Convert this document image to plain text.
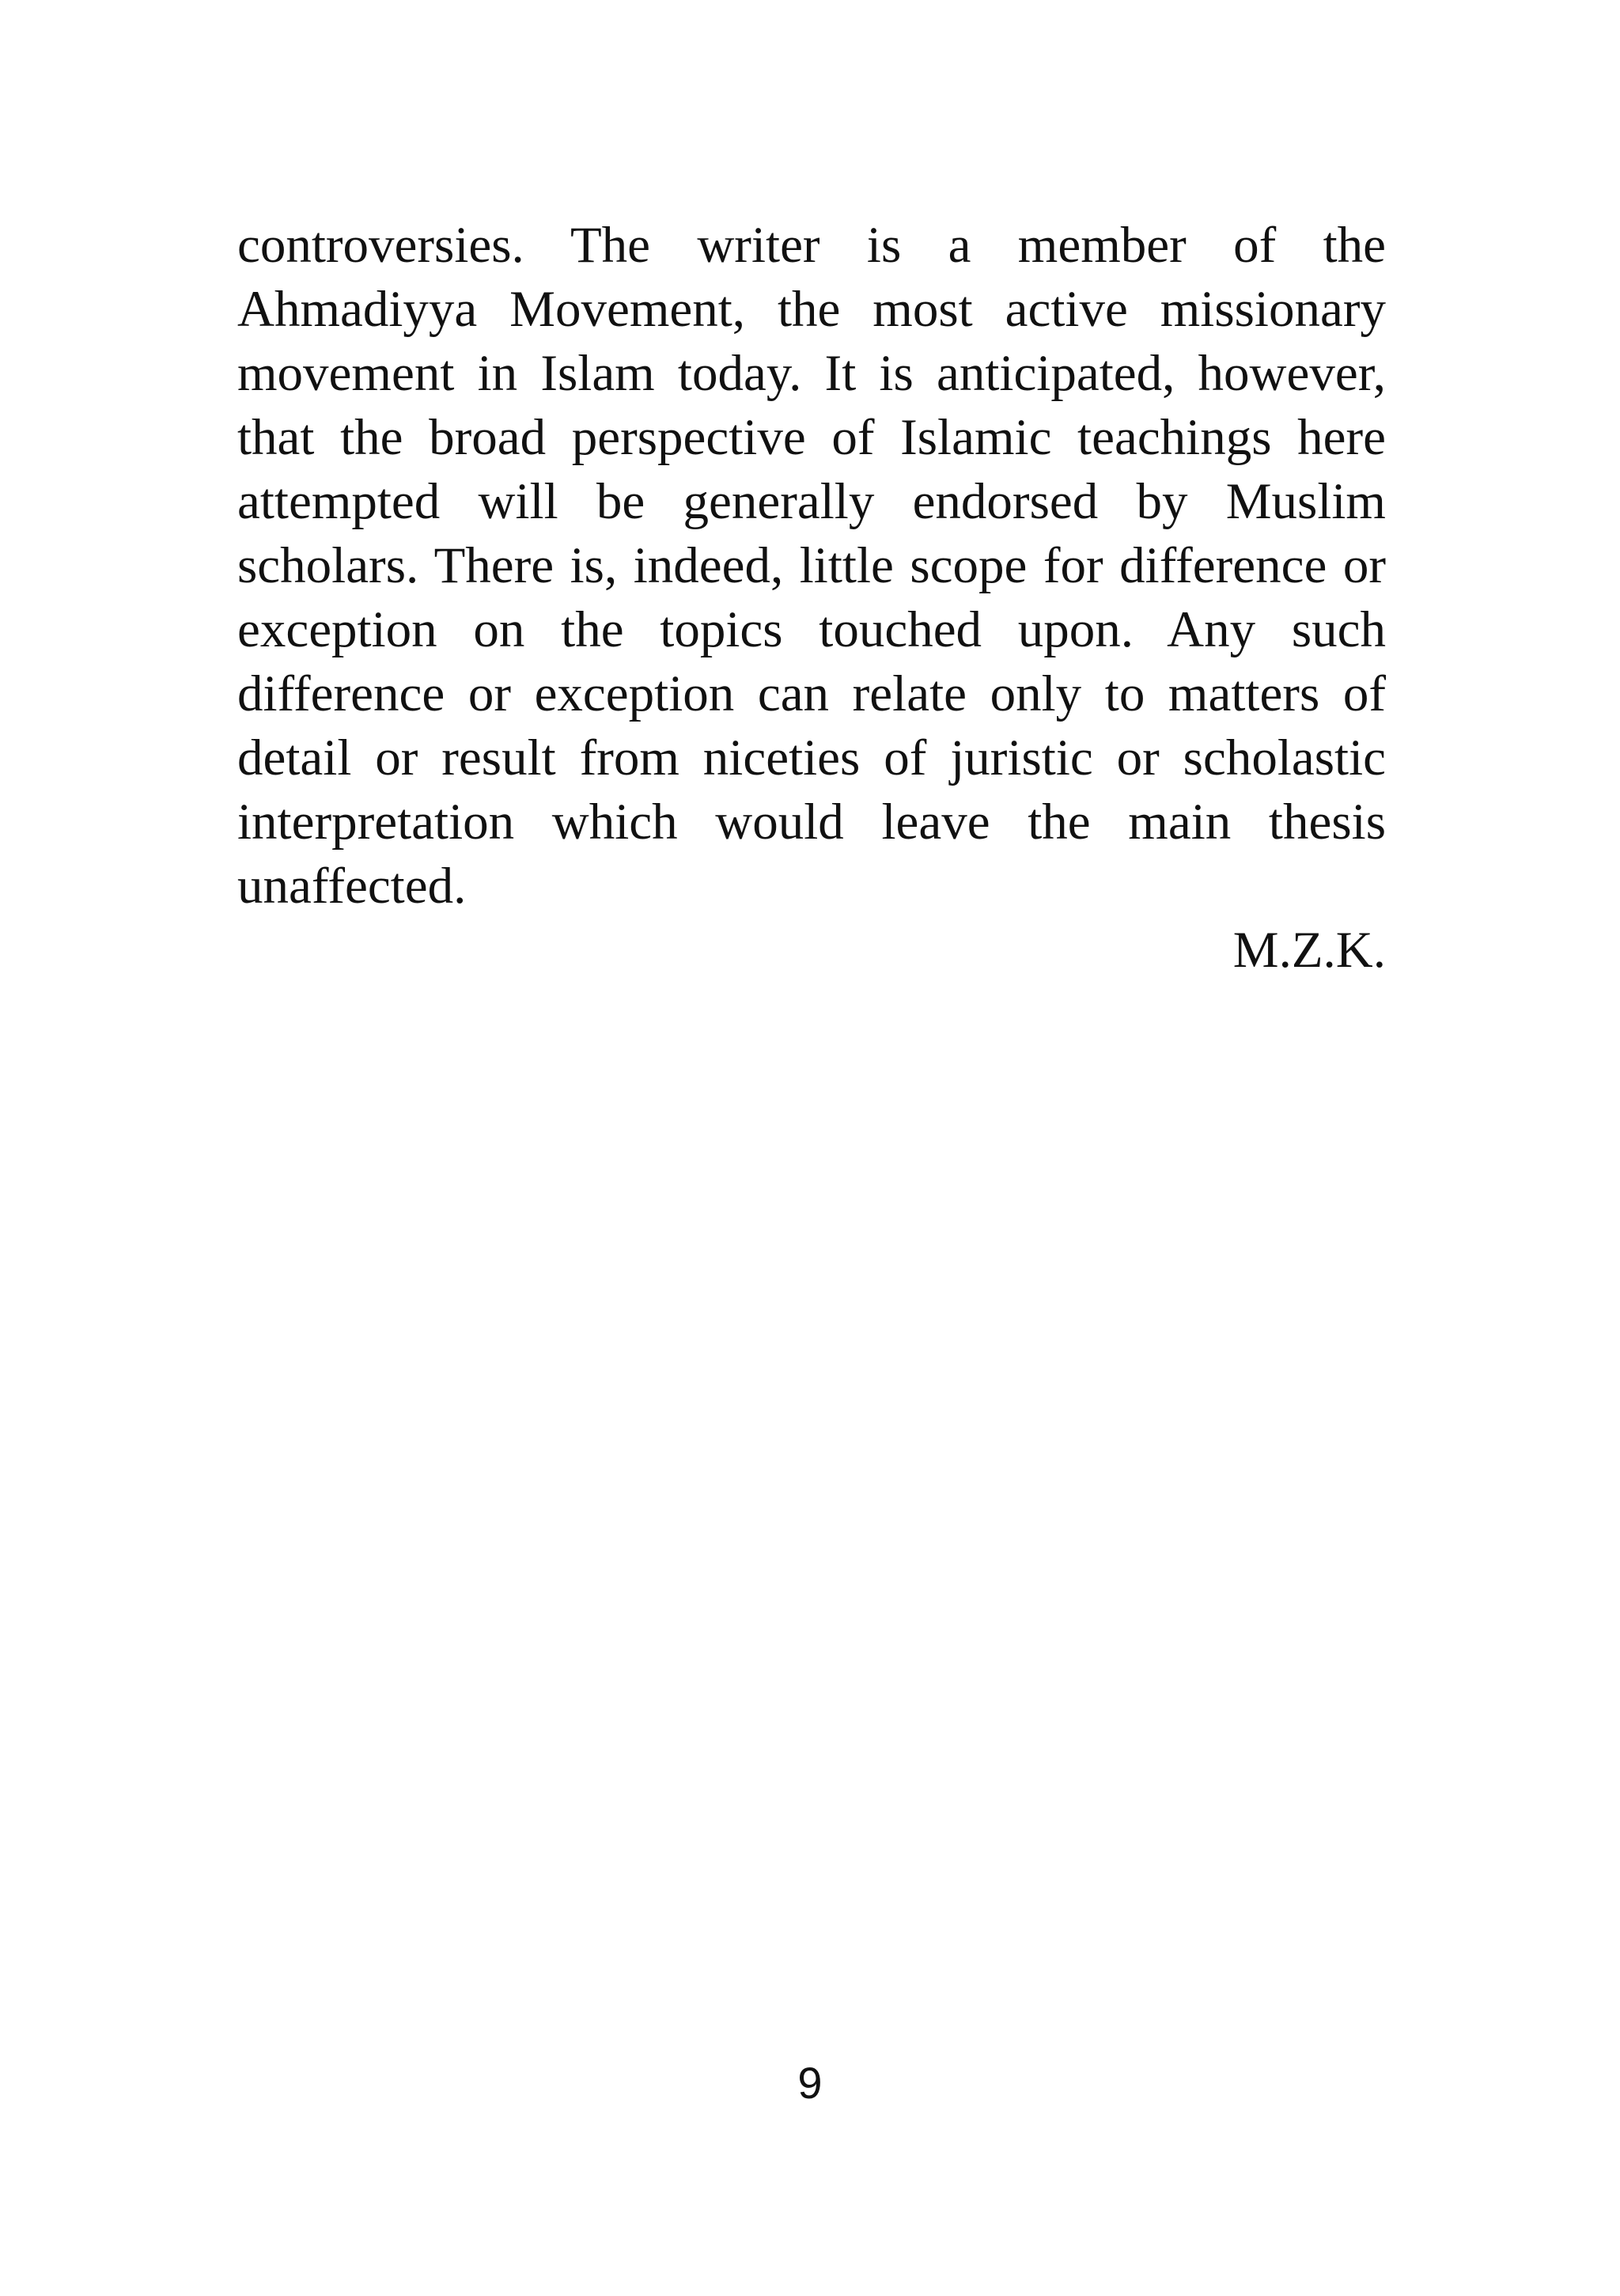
controversies. The writer is a member of the
Ahmadiyya Movement, the most active missionary
movement in Islam today. It is anticipated, however,
that the broad perspective of Islamic teachings here
attempted will be generally endorsed by Muslim
scholars. There is, indeed, little scope for difference or
exception on the topics touched upon. Any such
difference or exception can relate only to matters of
detail or result from niceties of juristic or scholastic
interpretation which would leave the main thesis
unaffected.

M.Z.K.
9
